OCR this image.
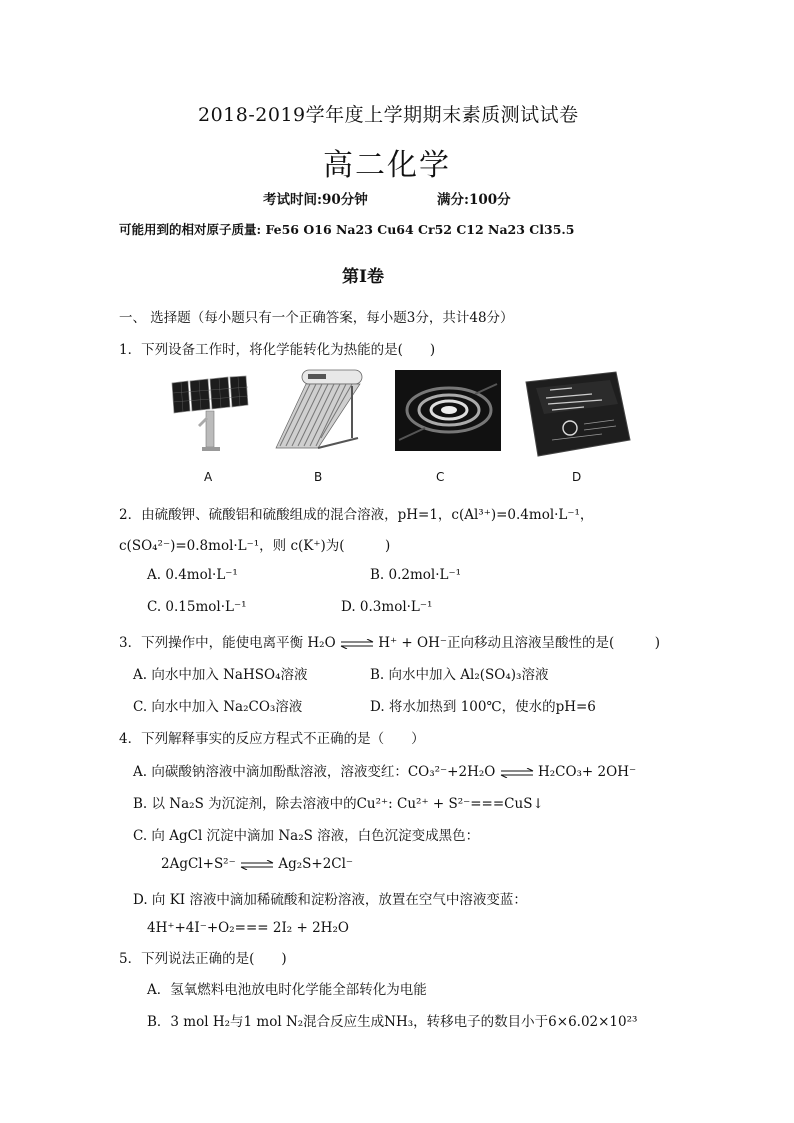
2018-2019学年度上学期期末素质测试试卷
高二化学
考试时间:90分钟	满分:100分
可能用到的相对原子质量: Fe56 O16 Na23 Cu64 Cr52 C12 Na23 Cl35.5
第Ⅰ卷
一、 选择题（每小题只有一个正确答案，每小题3分，共计48分）
1．下列设备工作时，将化学能转化为热能的是(　　)
A	B	C	D
2．由硫酸钾、硫酸铝和硫酸组成的混合溶液，pH=1，c(Al³⁺)=0.4mol·L⁻¹，
c(SO₄²⁻)=0.8mol·L⁻¹，则 c(K⁺)为(　　　)
A. 0.4mol·L⁻¹	B. 0.2mol·L⁻¹
C. 0.15mol·L⁻¹	D. 0.3mol·L⁻¹
3．下列操作中，能使电离平衡 H₂O ⇌ H⁺ + OH⁻正向移动且溶液呈酸性的是(　　　)
A. 向水中加入 NaHSO₄溶液	B. 向水中加入 Al₂(SO₄)₃溶液
C. 向水中加入 Na₂CO₃溶液	D. 将水加热到 100℃，使水的pH=6
4．下列解释事实的反应方程式不正确的是（　　）
A. 向碳酸钠溶液中滴加酚酞溶液，溶液变红：CO₃²⁻+2H₂O ⇌ H₂CO₃+ 2OH⁻
B. 以 Na₂S 为沉淀剂，除去溶液中的Cu²⁺: Cu²⁺ + S²⁻===CuS↓
C. 向 AgCl 沉淀中滴加 Na₂S 溶液，白色沉淀变成黑色：
2AgCl+S²⁻ ⇌ Ag₂S+2Cl⁻
D. 向 KI 溶液中滴加稀硫酸和淀粉溶液，放置在空气中溶液变蓝：
4H⁺+4I⁻+O₂=== 2I₂ + 2H₂O
5．下列说法正确的是(　　)
A．氢氧燃料电池放电时化学能全部转化为电能
B．3 mol H₂与1 mol N₂混合反应生成NH₃，转移电子的数目小于6×6.02×10²³
